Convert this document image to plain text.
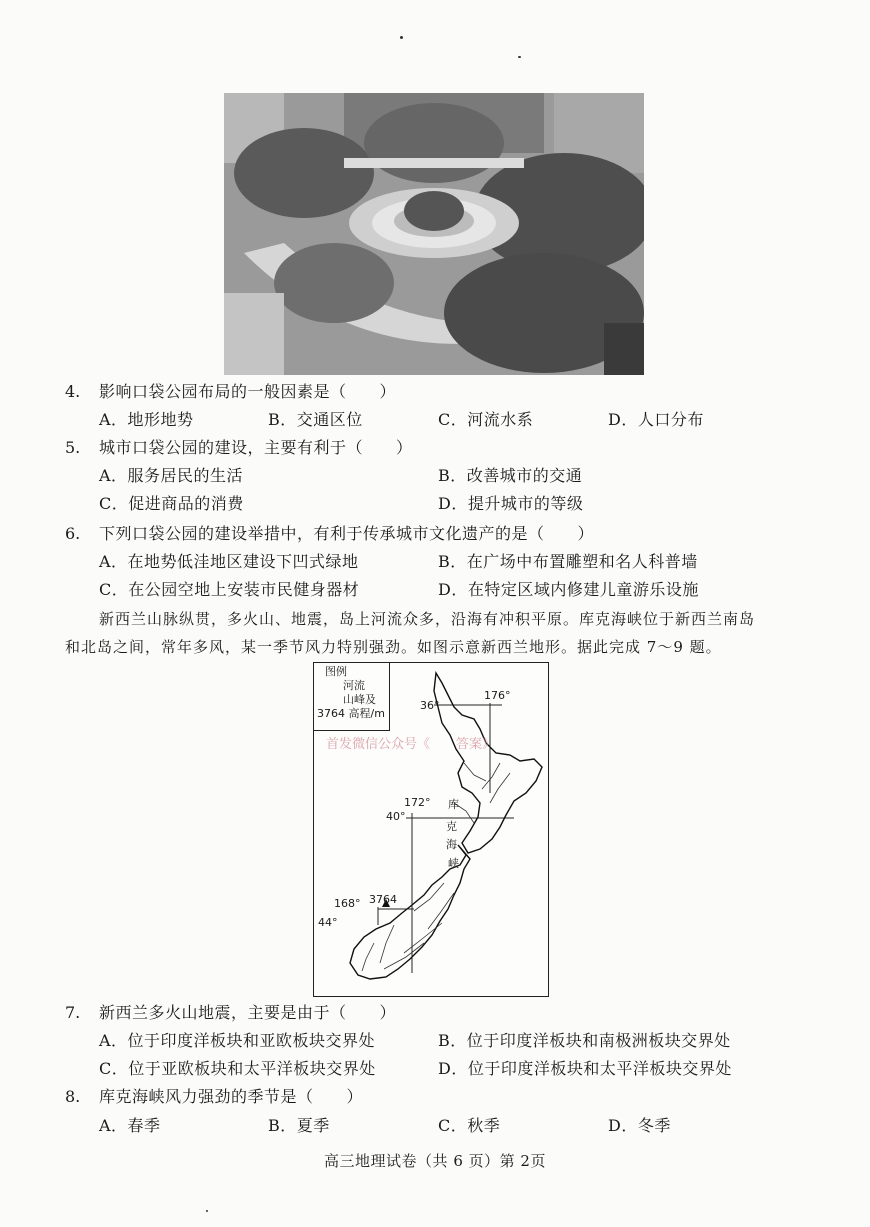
4. 影响口袋公园布局的一般因素是（　　）
A．地形地势	B．交通区位	C．河流水系	D．人口分布
5. 城市口袋公园的建设，主要有利于（　　）
A．服务居民的生活	B．改善城市的交通
C．促进商品的消费	D．提升城市的等级
6. 下列口袋公园的建设举措中，有利于传承城市文化遗产的是（　　）
A．在地势低洼地区建设下凹式绿地	B．在广场中布置雕塑和名人科普墙
C．在公园空地上安装市民健身器材	D．在特定区域内修建儿童游乐设施
新西兰山脉纵贯，多火山、地震，岛上河流众多，沿海有冲积平原。库克海峡位于新西兰南岛
和北岛之间，常年多风，某一季节风力特别强劲。如图示意新西兰地形。据此完成 7～9 题。
图例
河流
山峰及
3764 高程/m
36°
176°
172°
40°
168°
44°
3764
库
克
海
峡
首发微信公众号《　　答案》
7. 新西兰多火山地震，主要是由于（　　）
A．位于印度洋板块和亚欧板块交界处	B．位于印度洋板块和南极洲板块交界处
C．位于亚欧板块和太平洋板块交界处	D．位于印度洋板块和太平洋板块交界处
8. 库克海峡风力强劲的季节是（　　）
A．春季	B．夏季	C．秋季	D．冬季
高三地理试卷（共 6 页）第 2页
